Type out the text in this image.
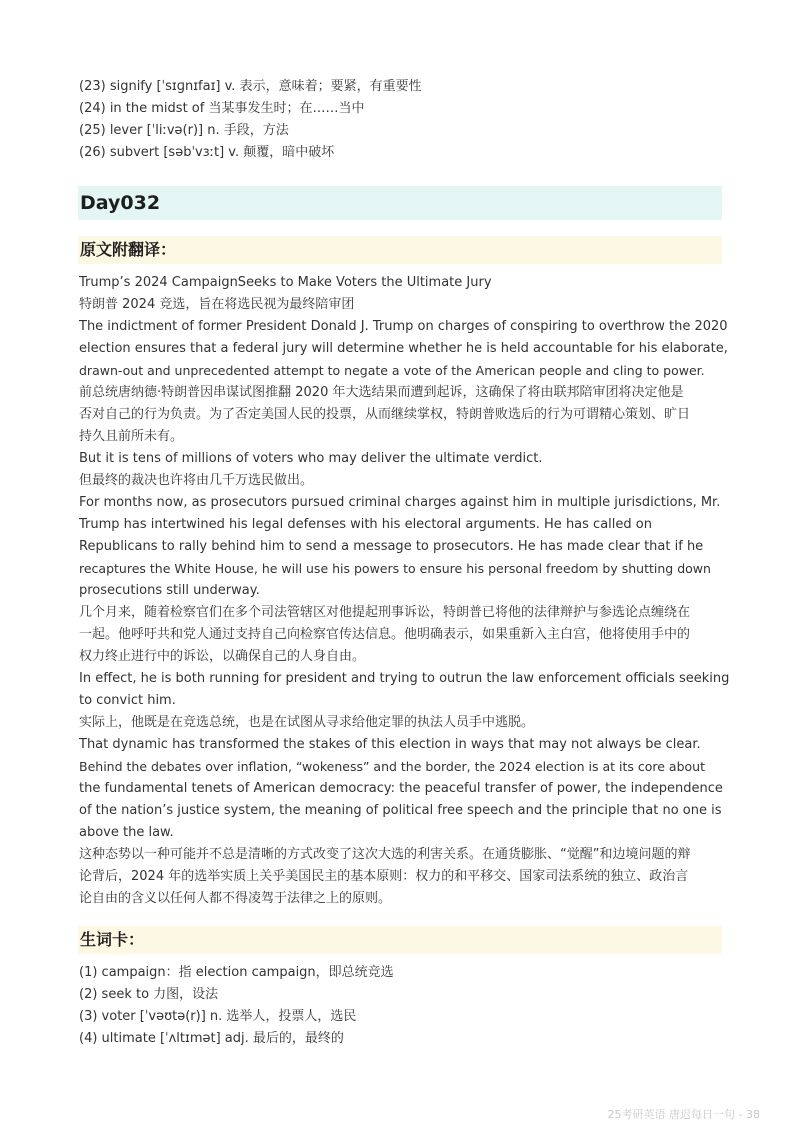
(23) signify [ˈsɪɡnɪfaɪ] v. 表示，意味着；要紧，有重要性
(24) in the midst of 当某事发生时；在……当中
(25) lever [ˈliːvə(r)] n. 手段，方法
(26) subvert [səbˈvɜːt] v. 颠覆，暗中破坏
Day032
原文附翻译：
Trump’s 2024 CampaignSeeks to Make Voters the Ultimate Jury
特朗普 2024 竞选，旨在将选民视为最终陪审团
The indictment of former President Donald J. Trump on charges of conspiring to overthrow the 2020
election ensures that a federal jury will determine whether he is held accountable for his elaborate,
drawn-out and unprecedented attempt to negate a vote of the American people and cling to power.
前总统唐纳德·特朗普因串谋试图推翻 2020 年大选结果而遭到起诉，这确保了将由联邦陪审团将决定他是
否对自己的行为负责。为了否定美国人民的投票，从而继续掌权，特朗普败选后的行为可谓精心策划、旷日
持久且前所未有。
But it is tens of millions of voters who may deliver the ultimate verdict.
但最终的裁决也许将由几千万选民做出。
For months now, as prosecutors pursued criminal charges against him in multiple jurisdictions, Mr.
Trump has intertwined his legal defenses with his electoral arguments. He has called on
Republicans to rally behind him to send a message to prosecutors. He has made clear that if he
recaptures the White House, he will use his powers to ensure his personal freedom by shutting down
prosecutions still underway.
几个月来，随着检察官们在多个司法管辖区对他提起刑事诉讼，特朗普已将他的法律辩护与参选论点缠绕在
一起。他呼吁共和党人通过支持自己向检察官传达信息。他明确表示，如果重新入主白宫，他将使用手中的
权力终止进行中的诉讼，以确保自己的人身自由。
In effect, he is both running for president and trying to outrun the law enforcement officials seeking
to convict him.
实际上，他既是在竞选总统，也是在试图从寻求给他定罪的执法人员手中逃脱。
That dynamic has transformed the stakes of this election in ways that may not always be clear.
Behind the debates over inflation, “wokeness” and the border, the 2024 election is at its core about
the fundamental tenets of American democracy: the peaceful transfer of power, the independence
of the nation’s justice system, the meaning of political free speech and the principle that no one is
above the law.
这种态势以一种可能并不总是清晰的方式改变了这次大选的利害关系。在通货膨胀、“觉醒”和边境问题的辩
论背后，2024 年的选举实质上关乎美国民主的基本原则：权力的和平移交、国家司法系统的独立、政治言
论自由的含义以任何人都不得凌驾于法律之上的原则。
生词卡：
(1) campaign：指 election campaign，即总统竞选
(2) seek to 力图，设法
(3) voter [ˈvəʊtə(r)] n. 选举人，投票人，选民
(4) ultimate [ˈʌltɪmət] adj. 最后的，最终的
25考研英语 唐迟每日一句 - 38
